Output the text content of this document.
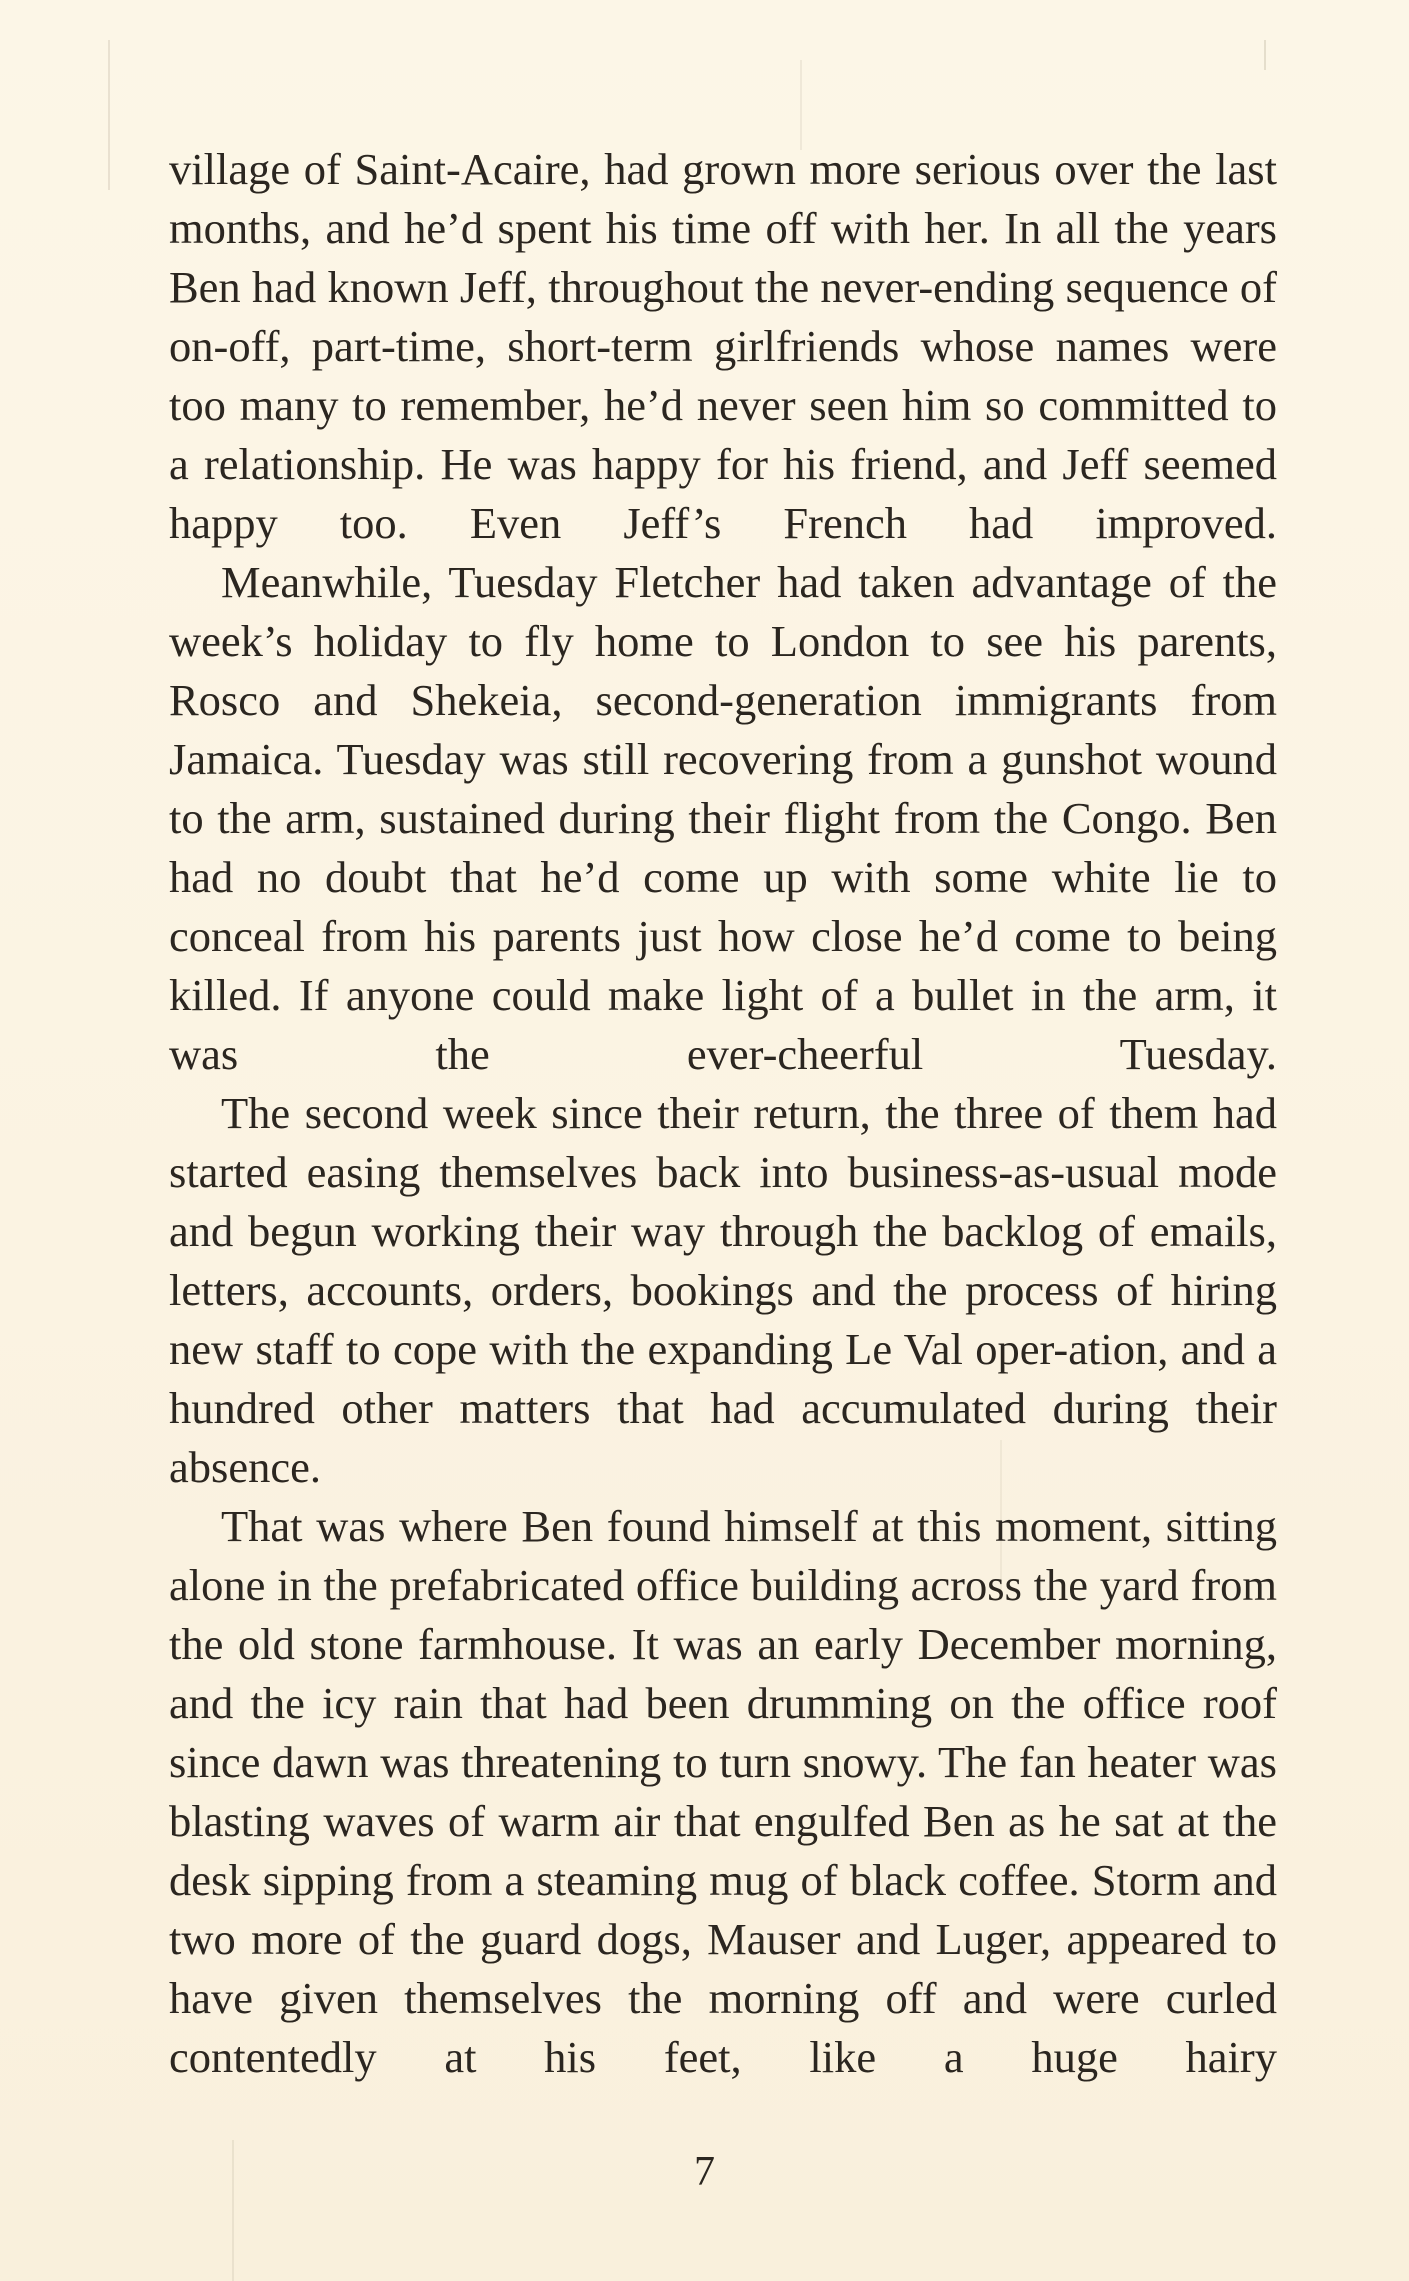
village of Saint-Acaire, had grown more serious over the last months, and he’d spent his time off with her. In all the years Ben had known Jeff, throughout the never-ending sequence of on-off, part-time, short-term girlfriends whose names were too many to remember, he’d never seen him so committed to a relationship. He was happy for his friend, and Jeff seemed happy too. Even Jeff’s French had improved.

Meanwhile, Tuesday Fletcher had taken advantage of the week’s holiday to fly home to London to see his parents, Rosco and Shekeia, second-generation immigrants from Jamaica. Tuesday was still recovering from a gunshot wound to the arm, sustained during their flight from the Congo. Ben had no doubt that he’d come up with some white lie to conceal from his parents just how close he’d come to being killed. If anyone could make light of a bullet in the arm, it was the ever-cheerful Tuesday.

The second week since their return, the three of them had started easing themselves back into business-as-usual mode and begun working their way through the backlog of emails, letters, accounts, orders, bookings and the process of hiring new staff to cope with the expanding Le Val oper-ation, and a hundred other matters that had accumulated during their absence.

That was where Ben found himself at this moment, sitting alone in the prefabricated office building across the yard from the old stone farmhouse. It was an early December morning, and the icy rain that had been drumming on the office roof since dawn was threatening to turn snowy. The fan heater was blasting waves of warm air that engulfed Ben as he sat at the desk sipping from a steaming mug of black coffee. Storm and two more of the guard dogs, Mauser and Luger, appeared to have given themselves the morning off and were curled contentedly at his feet, like a huge hairy

7
